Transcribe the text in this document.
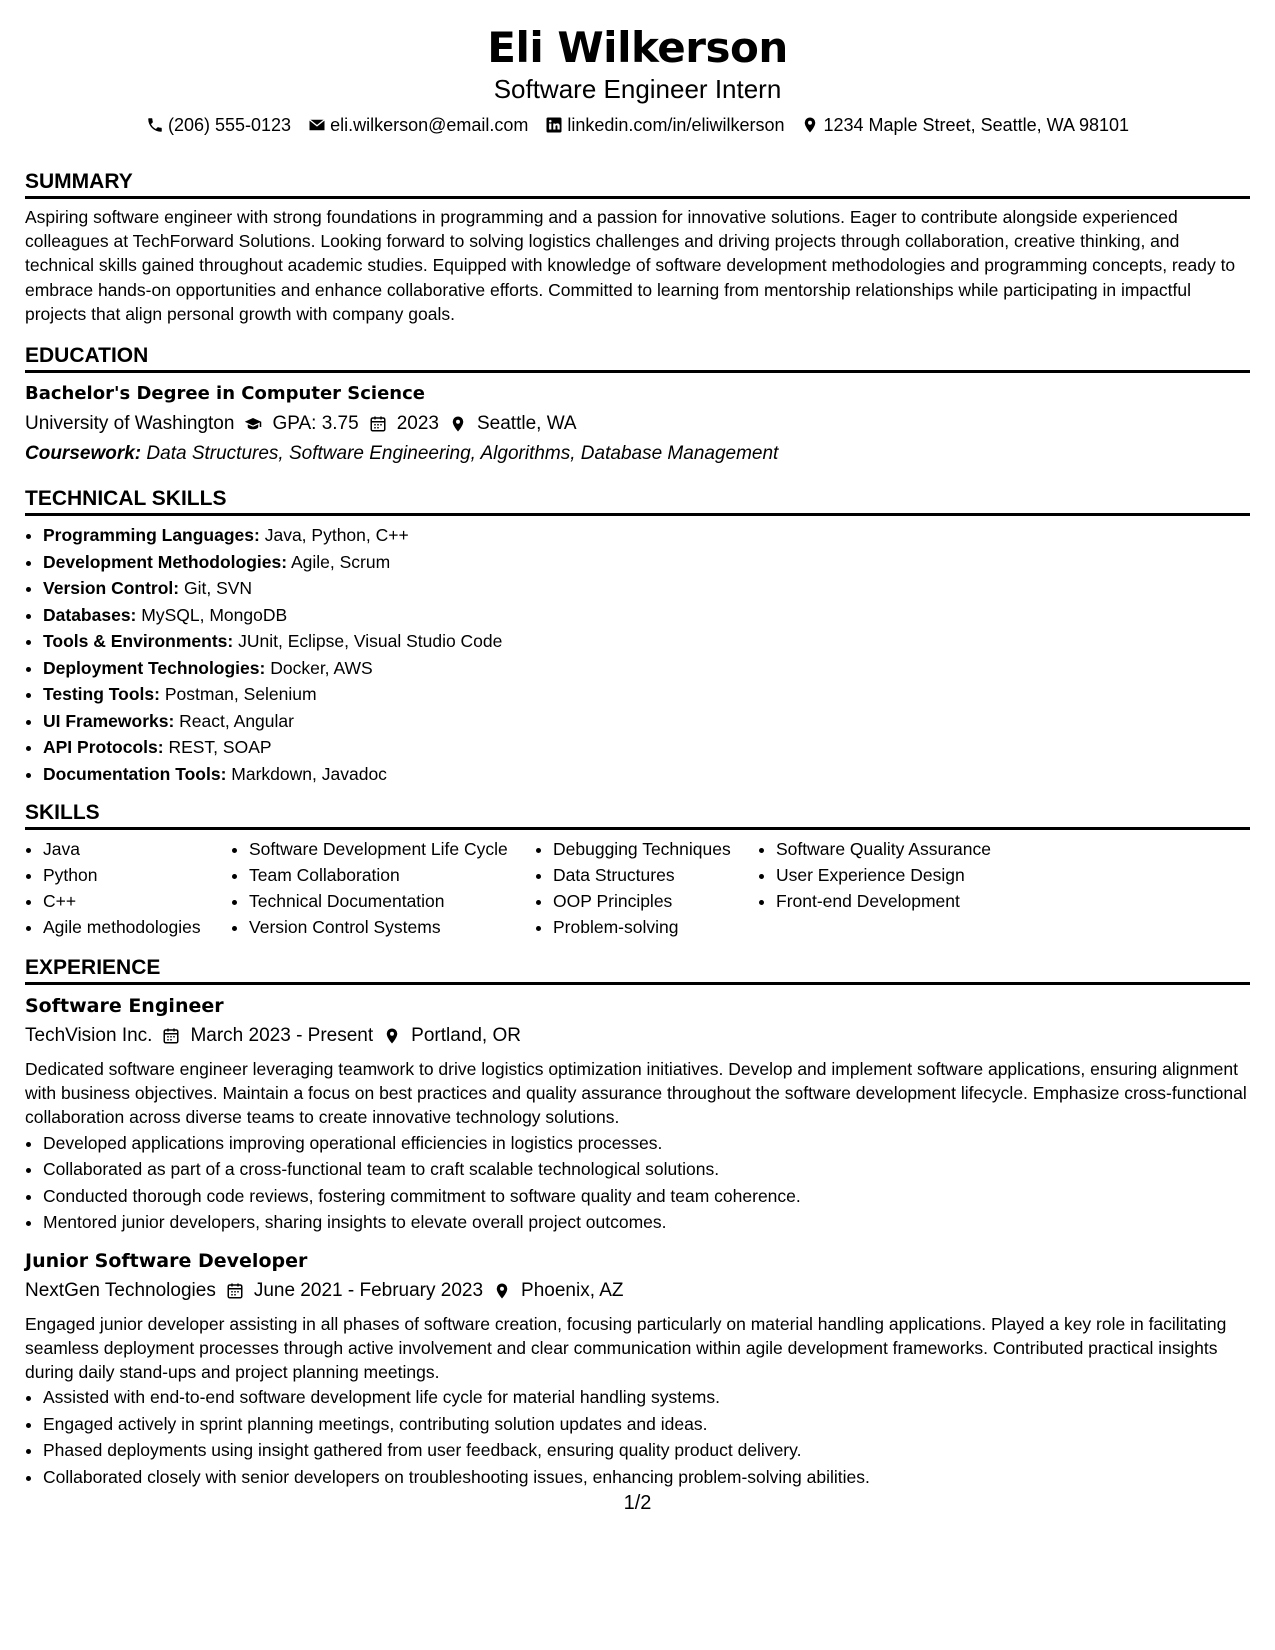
Eli Wilkerson
Software Engineer Intern
(206) 555-0123 eli.wilkerson@email.com linkedin.com/in/eliwilkerson 1234 Maple Street, Seattle, WA 98101
SUMMARY

Aspiring software engineer with strong foundations in programming and a passion for innovative solutions. Eager to contribute alongside experienced colleagues at TechForward Solutions. Looking forward to solving logistics challenges and driving projects through collaboration, creative thinking, and technical skills gained throughout academic studies. Equipped with knowledge of software development methodologies and programming concepts, ready to embrace hands-on opportunities and enhance collaborative efforts. Committed to learning from mentorship relationships while participating in impactful projects that align personal growth with company goals.

EDUCATION
Bachelor's Degree in Computer Science
University of Washington GPA: 3.75 2023 Seattle, WA
Coursework: Data Structures, Software Engineering, Algorithms, Database Management
TECHNICAL SKILLS
• Programming Languages: Java, Python, C++
• Development Methodologies: Agile, Scrum
• Version Control: Git, SVN
• Databases: MySQL, MongoDB
• Tools & Environments: JUnit, Eclipse, Visual Studio Code
• Deployment Technologies: Docker, AWS
• Testing Tools: Postman, Selenium
• UI Frameworks: React, Angular
• API Protocols: REST, SOAP
• Documentation Tools: Markdown, Javadoc
SKILLS
• Java
• Python
• C++
• Agile methodologies
• Software Development Life Cycle
• Team Collaboration
• Technical Documentation
• Version Control Systems
• Debugging Techniques
• Data Structures
• OOP Principles
• Problem-solving
• Software Quality Assurance
• User Experience Design
• Front-end Development
EXPERIENCE
Software Engineer
TechVision Inc. March 2023 - Present Portland, OR

Dedicated software engineer leveraging teamwork to drive logistics optimization initiatives. Develop and implement software applications, ensuring alignment with business objectives. Maintain a focus on best practices and quality assurance throughout the software development lifecycle. Emphasize cross-functional collaboration across diverse teams to create innovative technology solutions.

• Developed applications improving operational efficiencies in logistics processes.
• Collaborated as part of a cross-functional team to craft scalable technological solutions.
• Conducted thorough code reviews, fostering commitment to software quality and team coherence.
• Mentored junior developers, sharing insights to elevate overall project outcomes.
Junior Software Developer
NextGen Technologies June 2021 - February 2023 Phoenix, AZ

Engaged junior developer assisting in all phases of software creation, focusing particularly on material handling applications. Played a key role in facilitating seamless deployment processes through active involvement and clear communication within agile development frameworks. Contributed practical insights during daily stand-ups and project planning meetings.

• Assisted with end-to-end software development life cycle for material handling systems.
• Engaged actively in sprint planning meetings, contributing solution updates and ideas.
• Phased deployments using insight gathered from user feedback, ensuring quality product delivery.
• Collaborated closely with senior developers on troubleshooting issues, enhancing problem-solving abilities.
1/2
